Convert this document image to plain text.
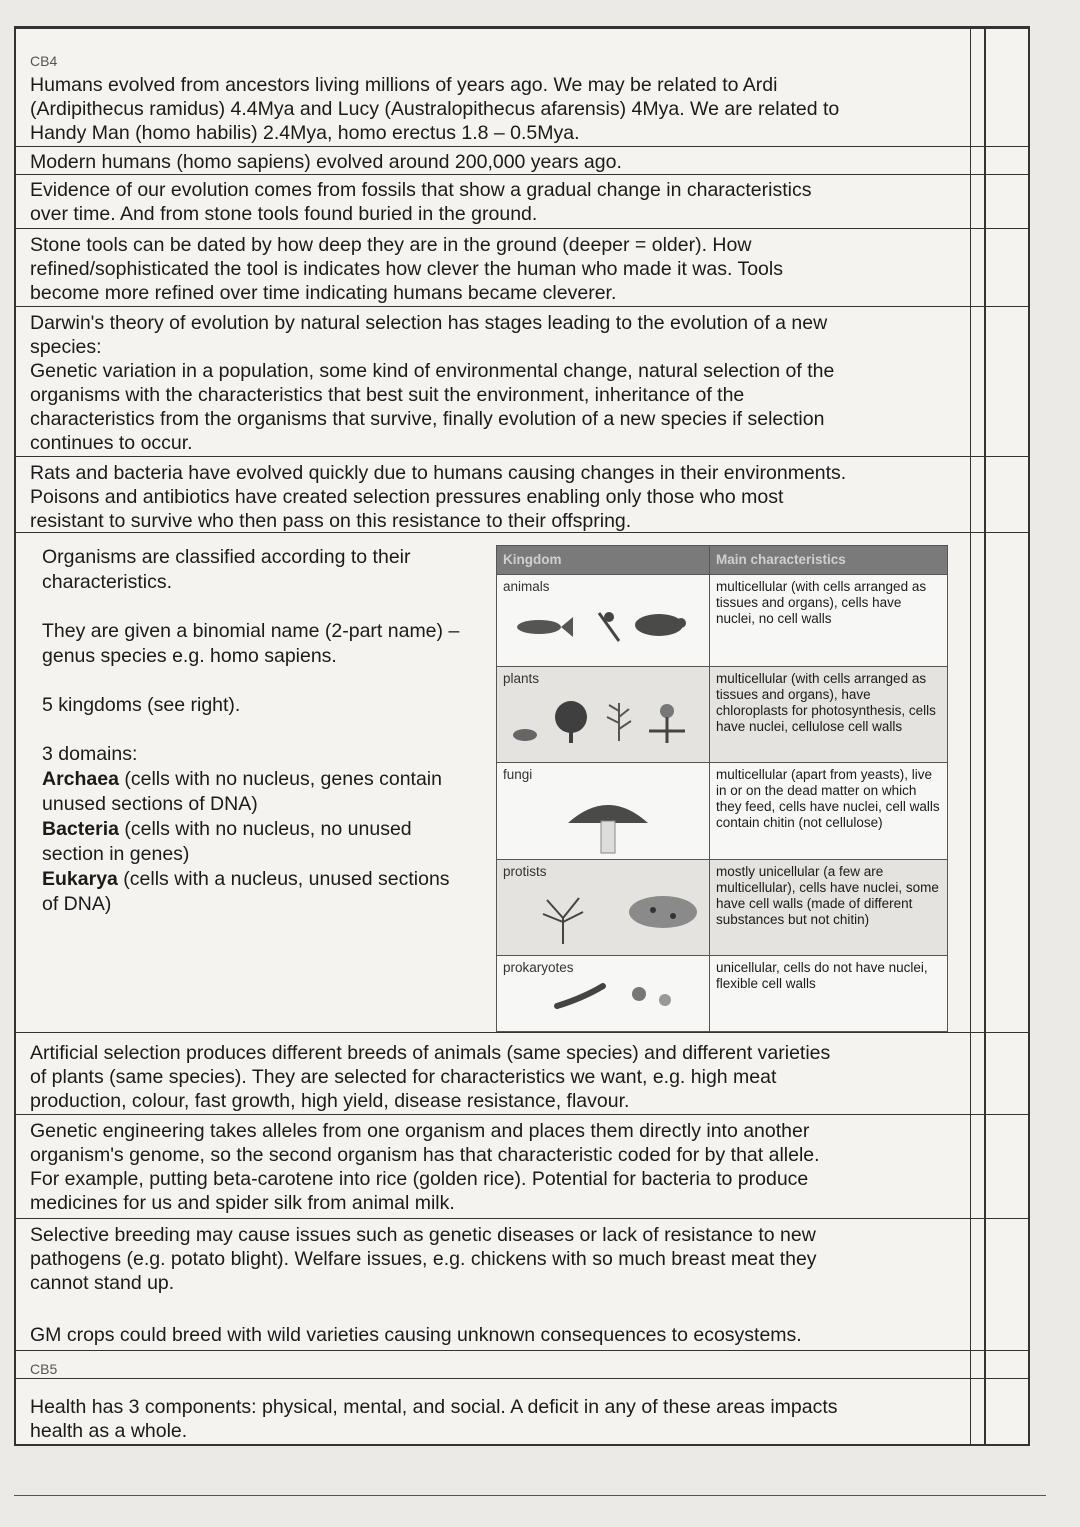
CB4
Humans evolved from ancestors living millions of years ago. We may be related to Ardi
(Ardipithecus ramidus) 4.4Mya and Lucy (Australopithecus afarensis) 4Mya. We are related to
Handy Man (homo habilis) 2.4Mya, homo erectus 1.8 – 0.5Mya.
Modern humans (homo sapiens) evolved around 200,000 years ago.
Evidence of our evolution comes from fossils that show a gradual change in characteristics
over time. And from stone tools found buried in the ground.
Stone tools can be dated by how deep they are in the ground (deeper = older). How
refined/sophisticated the tool is indicates how clever the human who made it was. Tools
become more refined over time indicating humans became cleverer.
Darwin's theory of evolution by natural selection has stages leading to the evolution of a new
species:
Genetic variation in a population, some kind of environmental change, natural selection of the
organisms with the characteristics that best suit the environment, inheritance of the
characteristics from the organisms that survive, finally evolution of a new species if selection
continues to occur.
Rats and bacteria have evolved quickly due to humans causing changes in their environments.
Poisons and antibiotics have created selection pressures enabling only those who most
resistant to survive who then pass on this resistance to their offspring.

Organisms are classified according to their characteristics.

They are given a binomial name (2-part name) – genus species e.g. homo sapiens.

5 kingdoms (see right).

3 domains:

Archaea (cells with no nucleus, genes contain unused sections of DNA)

Bacteria (cells with no nucleus, no unused section in genes)

Eukarya (cells with a nucleus, unused sections of DNA)

Kingdom	Main characteristics

animals	multicellular (with cells arranged as tissues and organs), cells have nuclei, no cell walls

plants	multicellular (with cells arranged as tissues and organs), have chloroplasts for photosynthesis, cells have nuclei, cellulose cell walls

fungi	multicellular (apart from yeasts), live in or on the dead matter on which they feed, cells have nuclei, cell walls contain chitin (not cellulose)

protists	mostly unicellular (a few are multicellular), cells have nuclei, some have cell walls (made of different substances but not chitin)

prokaryotes	unicellular, cells do not have nuclei, flexible cell walls
Artificial selection produces different breeds of animals (same species) and different varieties
of plants (same species). They are selected for characteristics we want, e.g. high meat
production, colour, fast growth, high yield, disease resistance, flavour.
Genetic engineering takes alleles from one organism and places them directly into another
organism's genome, so the second organism has that characteristic coded for by that allele.
For example, putting beta-carotene into rice (golden rice). Potential for bacteria to produce
medicines for us and spider silk from animal milk.
Selective breeding may cause issues such as genetic diseases or lack of resistance to new
pathogens (e.g. potato blight). Welfare issues, e.g. chickens with so much breast meat they
cannot stand up.
GM crops could breed with wild varieties causing unknown consequences to ecosystems.
CB5
Health has 3 components: physical, mental, and social. A deficit in any of these areas impacts
health as a whole.
